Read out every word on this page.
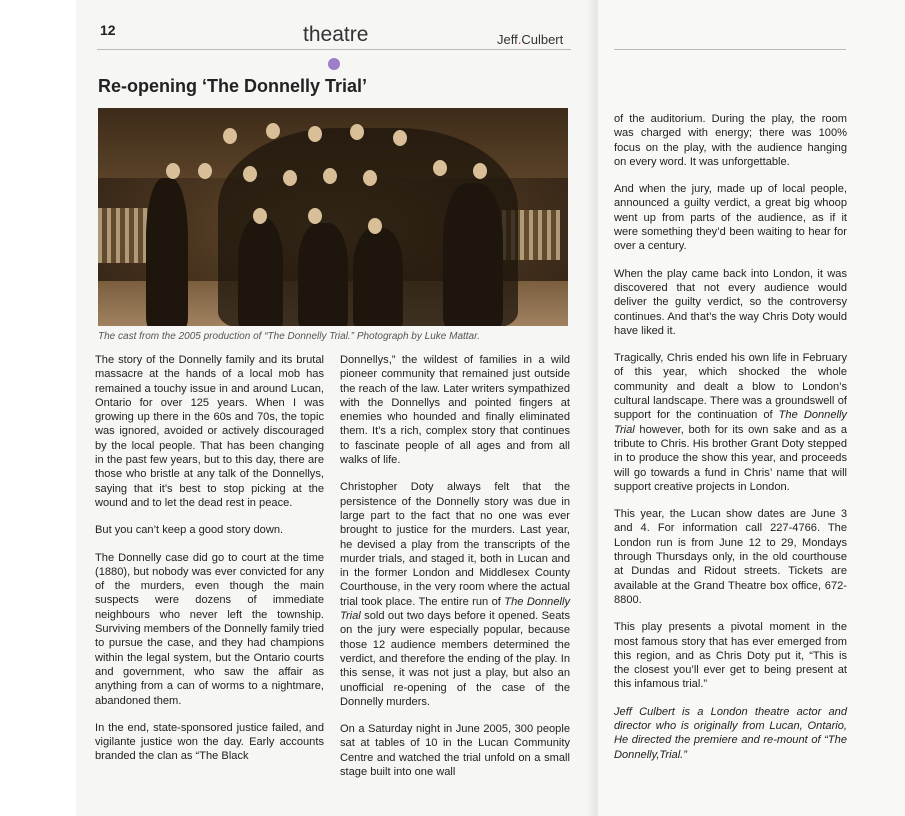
12	theatre	Jeff.Culbert
Re-opening ‘The Donnelly Trial’
The cast from the 2005 production of “The Donnelly Trial.” Photograph by Luke Mattar.

The story of the Donnelly family and its brutal massacre at the hands of a local mob has remained a touchy issue in and around Lucan, Ontario for over 125 years. When I was growing up there in the 60s and 70s, the topic was ignored, avoided or actively discouraged by the local people. That has been changing in the past few years, but to this day, there are those who bristle at any talk of the Donnellys, saying that it’s best to stop picking at the wound and to let the dead rest in peace.

But you can’t keep a good story down.

The Donnelly case did go to court at the time (1880), but nobody was ever convicted for any of the murders, even though the main suspects were dozens of immediate neighbours who never left the township. Surviving members of the Donnelly family tried to pursue the case, and they had champions within the legal system, but the Ontario courts and government, who saw the affair as anything from a can of worms to a nightmare, abandoned them.

In the end, state-sponsored justice failed, and vigilante justice won the day. Early accounts branded the clan as “The Black

Donnellys,” the wildest of families in a wild pioneer community that remained just outside the reach of the law. Later writers sympathized with the Donnellys and pointed fingers at enemies who hounded and finally eliminated them. It’s a rich, complex story that continues to fascinate people of all ages and from all walks of life.

Christopher Doty always felt that the persistence of the Donnelly story was due in large part to the fact that no one was ever brought to justice for the murders. Last year, he devised a play from the transcripts of the murder trials, and staged it, both in Lucan and in the former London and Middlesex County Courthouse, in the very room where the actual trial took place. The entire run of The Donnelly Trial sold out two days before it opened. Seats on the jury were especially popular, because those 12 audience members determined the verdict, and therefore the ending of the play. In this sense, it was not just a play, but also an unofficial re-opening of the case of the Donnelly murders.

On a Saturday night in June 2005, 300 people sat at tables of 10 in the Lucan Community Centre and watched the trial unfold on a small stage built into one wall

of the auditorium. During the play, the room was charged with energy; there was 100% focus on the play, with the audience hanging on every word. It was unforgettable.

And when the jury, made up of local people, announced a guilty verdict, a great big whoop went up from parts of the audience, as if it were something they’d been waiting to hear for over a century.

When the play came back into London, it was discovered that not every audience would deliver the guilty verdict, so the controversy continues. And that’s the way Chris Doty would have liked it.

Tragically, Chris ended his own life in February of this year, which shocked the whole community and dealt a blow to London’s cultural landscape. There was a groundswell of support for the continuation of The Donnelly Trial however, both for its own sake and as a tribute to Chris. His brother Grant Doty stepped in to produce the show this year, and proceeds will go towards a fund in Chris’ name that will support creative projects in London.

This year, the Lucan show dates are June 3 and 4. For information call 227-4766. The London run is from June 12 to 29, Mondays through Thursdays only, in the old courthouse at Dundas and Ridout streets. Tickets are available at the Grand Theatre box office, 672-8800.

This play presents a pivotal moment in the most famous story that has ever emerged from this region, and as Chris Doty put it, “This is the closest you’ll ever get to being present at this infamous trial.”

Jeff Culbert is a London theatre actor and director who is originally from Lucan, Ontario, He directed the premiere and re-mount of “The Donnelly,Trial.”
